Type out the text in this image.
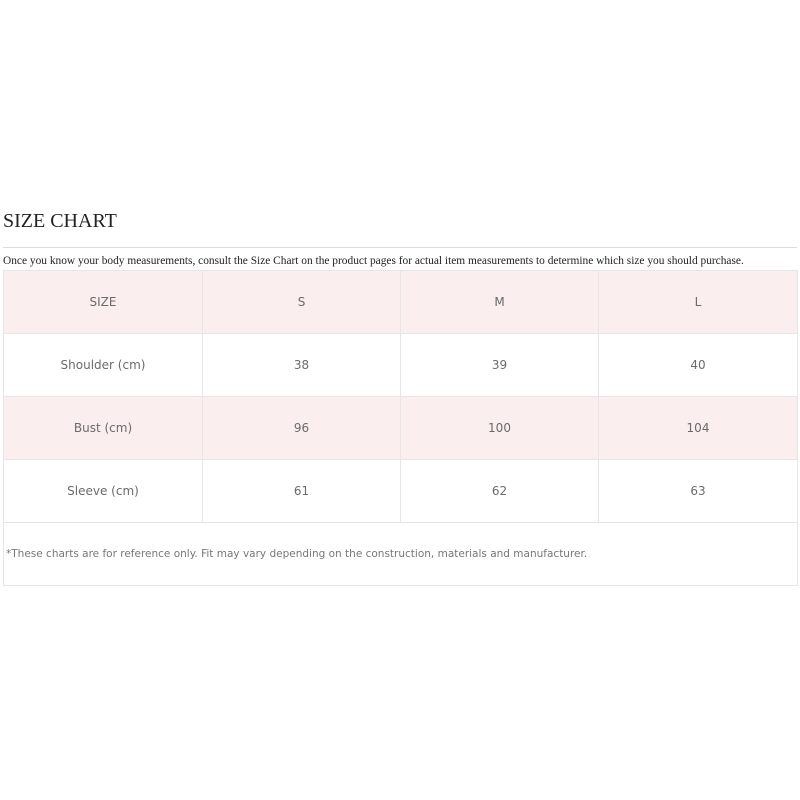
SIZE CHART

Once you know your body measurements, consult the Size Chart on the product pages for actual item measurements to determine which size you should purchase.

SIZE	S	M	L
Shoulder (cm)	38	39	40
Bust (cm)	96	100	104
Sleeve (cm)	61	62	63
*These charts are for reference only. Fit may vary depending on the construction, materials and manufacturer.			
